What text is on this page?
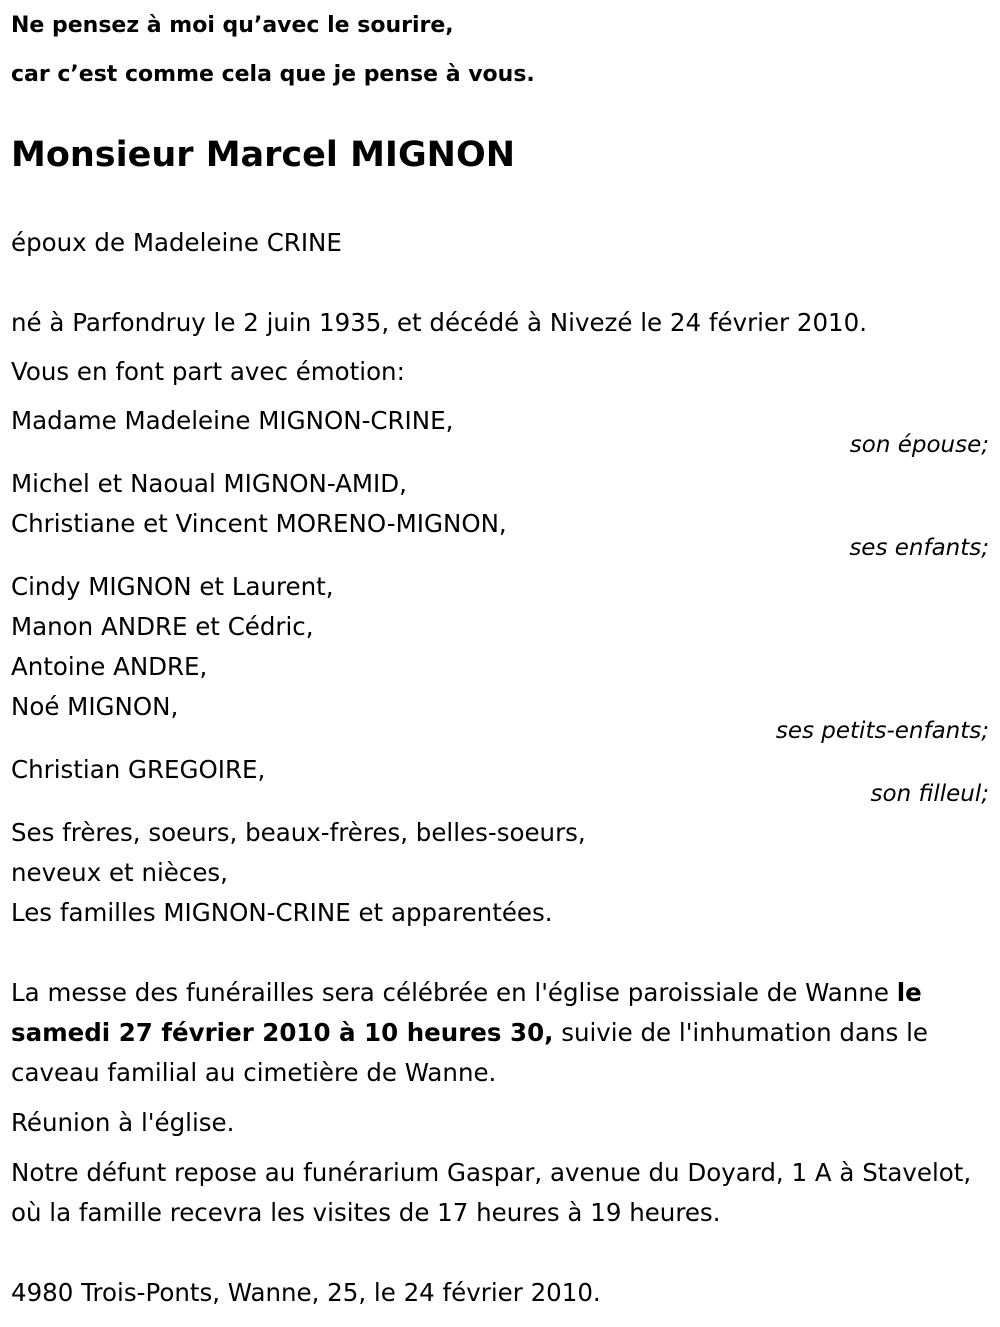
Ne pensez à moi qu’avec le sourire,
car c’est comme cela que je pense à vous.
Monsieur Marcel MIGNON
époux de Madeleine CRINE
né à Parfondruy le 2 juin 1935, et décédé à Nivezé le 24 février 2010.
Vous en font part avec émotion:
Madame Madeleine MIGNON-CRINE,
son épouse;
Michel et Naoual MIGNON-AMID,
Christiane et Vincent MORENO-MIGNON,
ses enfants;
Cindy MIGNON et Laurent,
Manon ANDRE et Cédric,
Antoine ANDRE,
Noé MIGNON,
ses petits-enfants;
Christian GREGOIRE,
son filleul;
Ses frères, soeurs, beaux-frères, belles-soeurs,
neveux et nièces,
Les familles MIGNON-CRINE et apparentées.
La messe des funérailles sera célébrée en l'église paroissiale de Wanne le samedi 27 février 2010 à 10 heures 30, suivie de l'inhumation dans le caveau familial au cimetière de Wanne.
Réunion à l'église.
Notre défunt repose au funérarium Gaspar, avenue du Doyard, 1 A à Stavelot, où la famille recevra les visites de 17 heures à 19 heures.
4980 Trois-Ponts, Wanne, 25, le 24 février 2010.
